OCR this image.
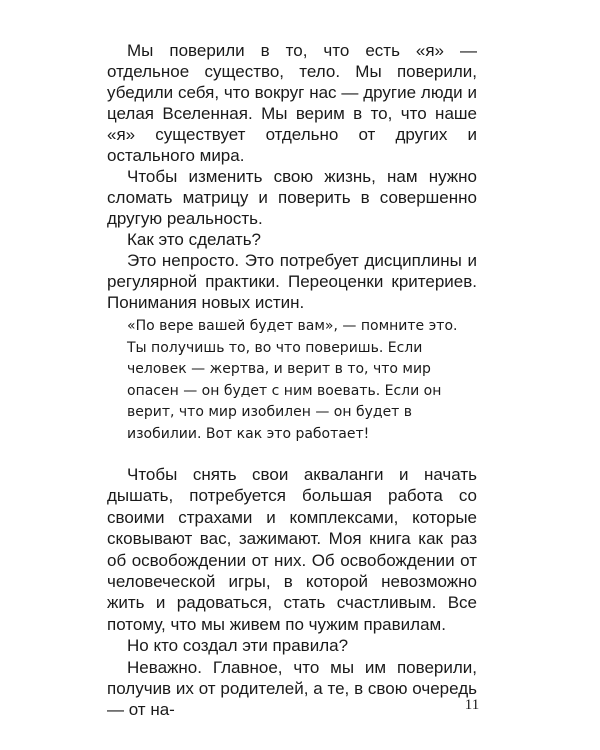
Мы поверили в то, что есть «я» — отдельное существо, тело. Мы поверили, убедили себя, что вокруг нас — другие люди и целая Вселенная. Мы верим в то, что наше «я» существует отдельно от других и остального мира.

Чтобы изменить свою жизнь, нам нужно сломать матрицу и поверить в совершенно другую реальность.

Как это сделать?

Это непросто. Это потребует дисциплины и регулярной практики. Переоценки критериев. Понимания новых истин.

«По вере вашей будет вам», — помните это. Ты получишь то, во что поверишь. Если человек — жертва, и верит в то, что мир опасен — он будет с ним воевать. Если он верит, что мир изобилен — он будет в изобилии. Вот как это работает!

Чтобы снять свои акваланги и начать дышать, потребуется большая работа со своими страхами и комплексами, которые сковывают вас, зажимают. Моя книга как раз об освобождении от них. Об освобождении от человеческой игры, в которой невозможно жить и радоваться, стать счастливым. Все потому, что мы живем по чужим правилам.

Но кто создал эти правила?

Неважно. Главное, что мы им поверили, получив их от родителей, а те, в свою очередь — от на-	11
